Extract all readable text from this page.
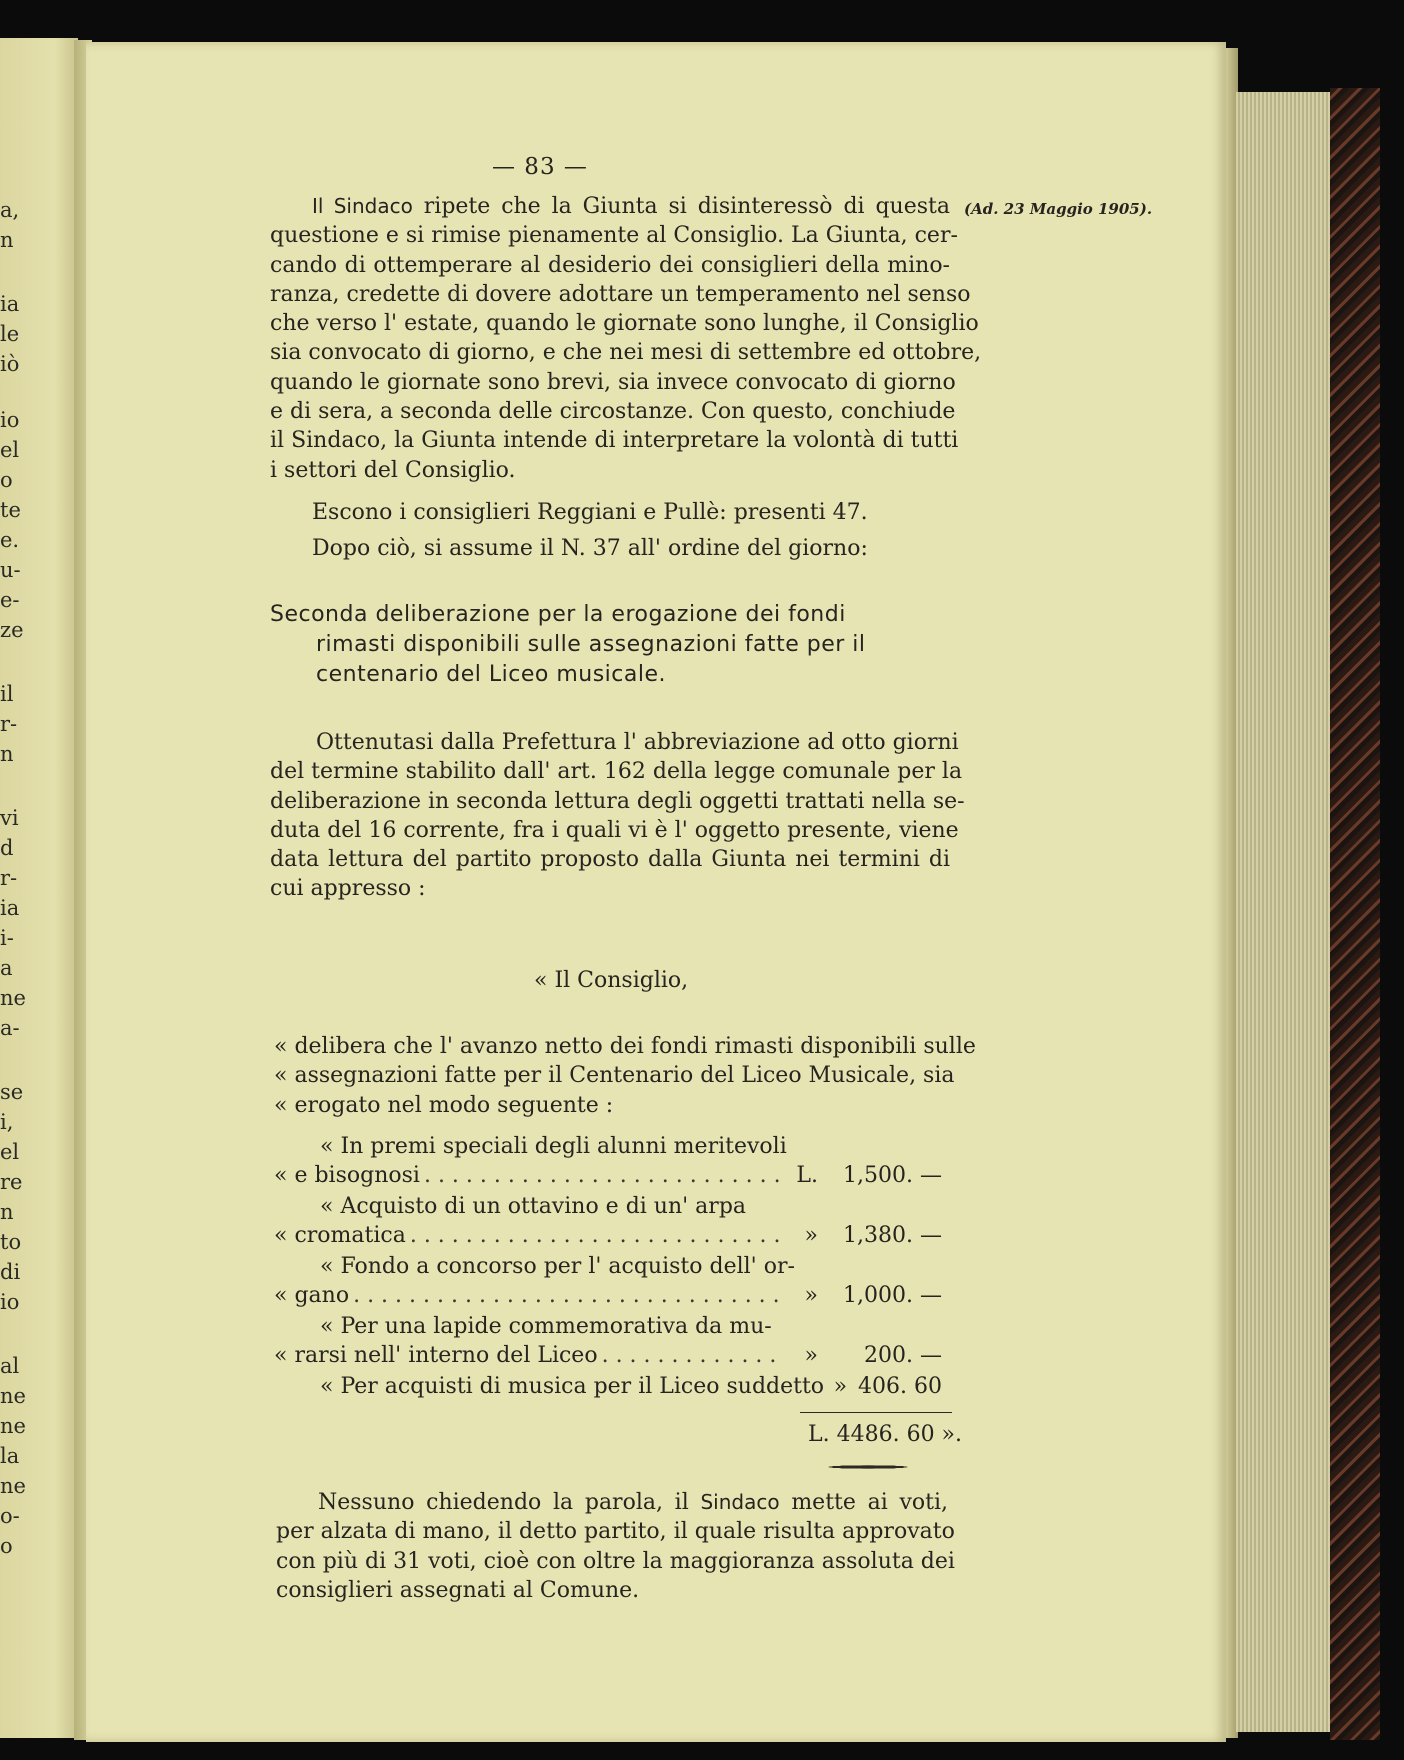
a,
n
ia
le
iò
io
el
o
te
e.
u-
e-
ze
il
r-
n
vi
d
r-
ia
i-
a
ne
a-
se
i,
el
re
n
to
di
io
al
ne
ne
la
ne
o-
o
— 83 —
(Ad. 23 Maggio 1905).
Il Sindaco ripete che la Giunta si disinteressò di questa
questione e si rimise pienamente al Consiglio. La Giunta, cer-
cando di ottemperare al desiderio dei consiglieri della mino-
ranza, credette di dovere adottare un temperamento nel senso
che verso l' estate, quando le giornate sono lunghe, il Consiglio
sia convocato di giorno, e che nei mesi di settembre ed ottobre,
quando le giornate sono brevi, sia invece convocato di giorno
e di sera, a seconda delle circostanze. Con questo, conchiude
il Sindaco, la Giunta intende di interpretare la volontà di tutti
i settori del Consiglio.
Escono i consiglieri Reggiani e Pullè: presenti 47.
Dopo ciò, si assume il N. 37 all' ordine del giorno:
Seconda deliberazione per la erogazione dei fondi
rimasti disponibili sulle assegnazioni fatte per il
centenario del Liceo musicale.
Ottenutasi dalla Prefettura l' abbreviazione ad otto giorni
del termine stabilito dall' art. 162 della legge comunale per la
deliberazione in seconda lettura degli oggetti trattati nella se-
duta del 16 corrente, fra i quali vi è l' oggetto presente, viene
data lettura del partito proposto dalla Giunta nei termini di
cui appresso :
« Il Consiglio,
« delibera che l' avanzo netto dei fondi rimasti disponibili sulle
« assegnazioni fatte per il Centenario del Liceo Musicale, sia
« erogato nel modo seguente :
« In premi speciali degli alunni meritevoli
« e bisognosi . . .	L.	1,500. —
« Acquisto di un ottavino e di un' arpa
« cromatica . . .	»	1,380. —
« Fondo a concorso per l' acquisto dell' or-
« gano . . .	»	1,000. —
« Per una lapide commemorativa da mu-
« rarsi nell' interno del Liceo . . .	»	200. —
« Per acquisti di musica per il Liceo suddetto » 406. 60
L. 4486. 60 ».
Nessuno chiedendo la parola, il Sindaco mette ai voti,
per alzata di mano, il detto partito, il quale risulta approvato
con più di 31 voti, cioè con oltre la maggioranza assoluta dei
consiglieri assegnati al Comune.
